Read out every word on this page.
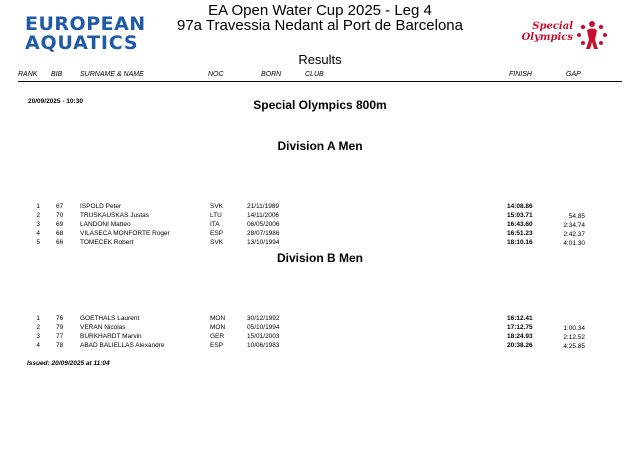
EUROPEAN
AQUATICS
EA Open Water Cup 2025 - Leg 4
97a Travessia Nedant al Port de Barcelona
Results
Special
Olympics
RANK BIB	SURNAME & NAME	NOC	BORN	CLUB	FINISH	GAP
20/09/2025 - 10:30	Special Olympics 800m
Division A Men
1 67	ISPOLD Peter	SVK	21/11/1989	14:08.86
2 70	TRUSKAUSKAS Justas	LTU	14/11/2006	15:03.71	54.85
3 69	LANDONI Matteo	ITA	06/05/2006	16:43.60	2:34.74
4 68	VILASECA MONFORTE Roger	ESP	28/07/1986	16:51.23	2:42.37
5 66	TOMECEK Robert	SVK	13/10/1994	18:10.16	4:01.30
Division B Men
1 76	GOETHALS Laurent	MON	30/12/1992	16:12.41
2 79	VERAN Nicolas	MON	05/10/1994	17:12.75	1:00.34
3 77	BURKHARDT Marvin	GER	15/01/2003	18:24.93	2:12.52
4 78	ABAD BALIELLAS Alexandre	ESP	10/06/1983	20:38.26	4:25.85
Issued: 20/09/2025 at 11:04
